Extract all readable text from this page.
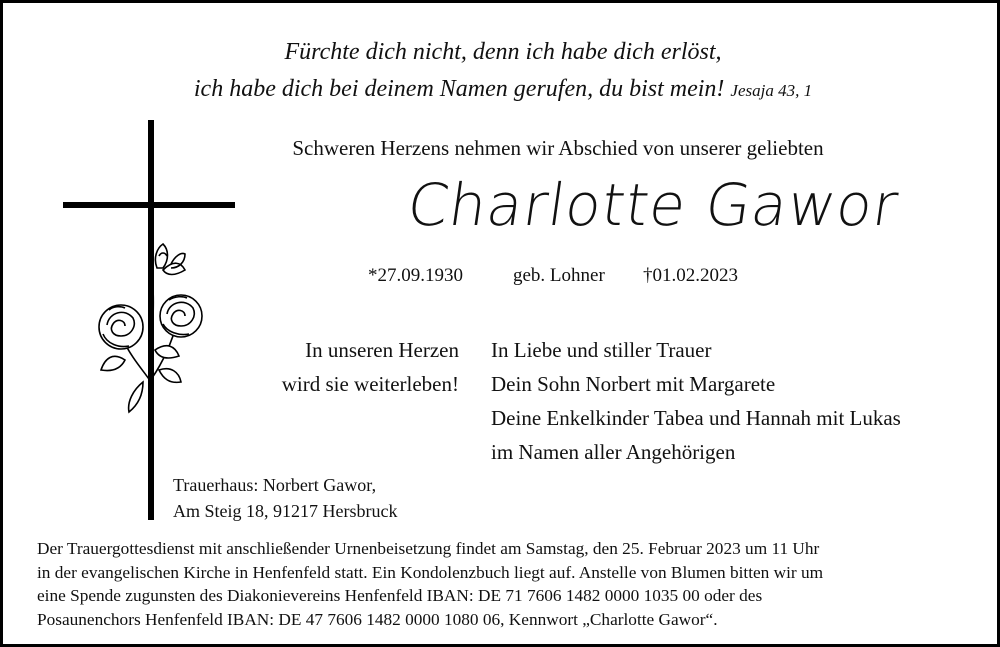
Fürchte dich nicht, denn ich habe dich erlöst,
ich habe dich bei deinem Namen gerufen, du bist mein! Jesaja 43, 1
Schweren Herzens nehmen wir Abschied von unserer geliebten
Charlotte Gawor
*27.09.1930	geb. Lohner †01.02.2023
In unseren Herzen
wird sie weiterleben!
In Liebe und stiller Trauer
Dein Sohn Norbert mit Margarete
Deine Enkelkinder Tabea und Hannah mit Lukas
im Namen aller Angehörigen
Trauerhaus: Norbert Gawor,
Am Steig 18, 91217 Hersbruck
Der Trauergottesdienst mit anschließender Urnenbeisetzung findet am Samstag, den 25. Februar 2023 um 11 Uhr
in der evangelischen Kirche in Henfenfeld statt. Ein Kondolenzbuch liegt auf. Anstelle von Blumen bitten wir um
eine Spende zugunsten des Diakonievereins Henfenfeld IBAN: DE 71 7606 1482 0000 1035 00 oder des
Posaunenchors Henfenfeld IBAN: DE 47 7606 1482 0000 1080 06, Kennwort „Charlotte Gawor“.
